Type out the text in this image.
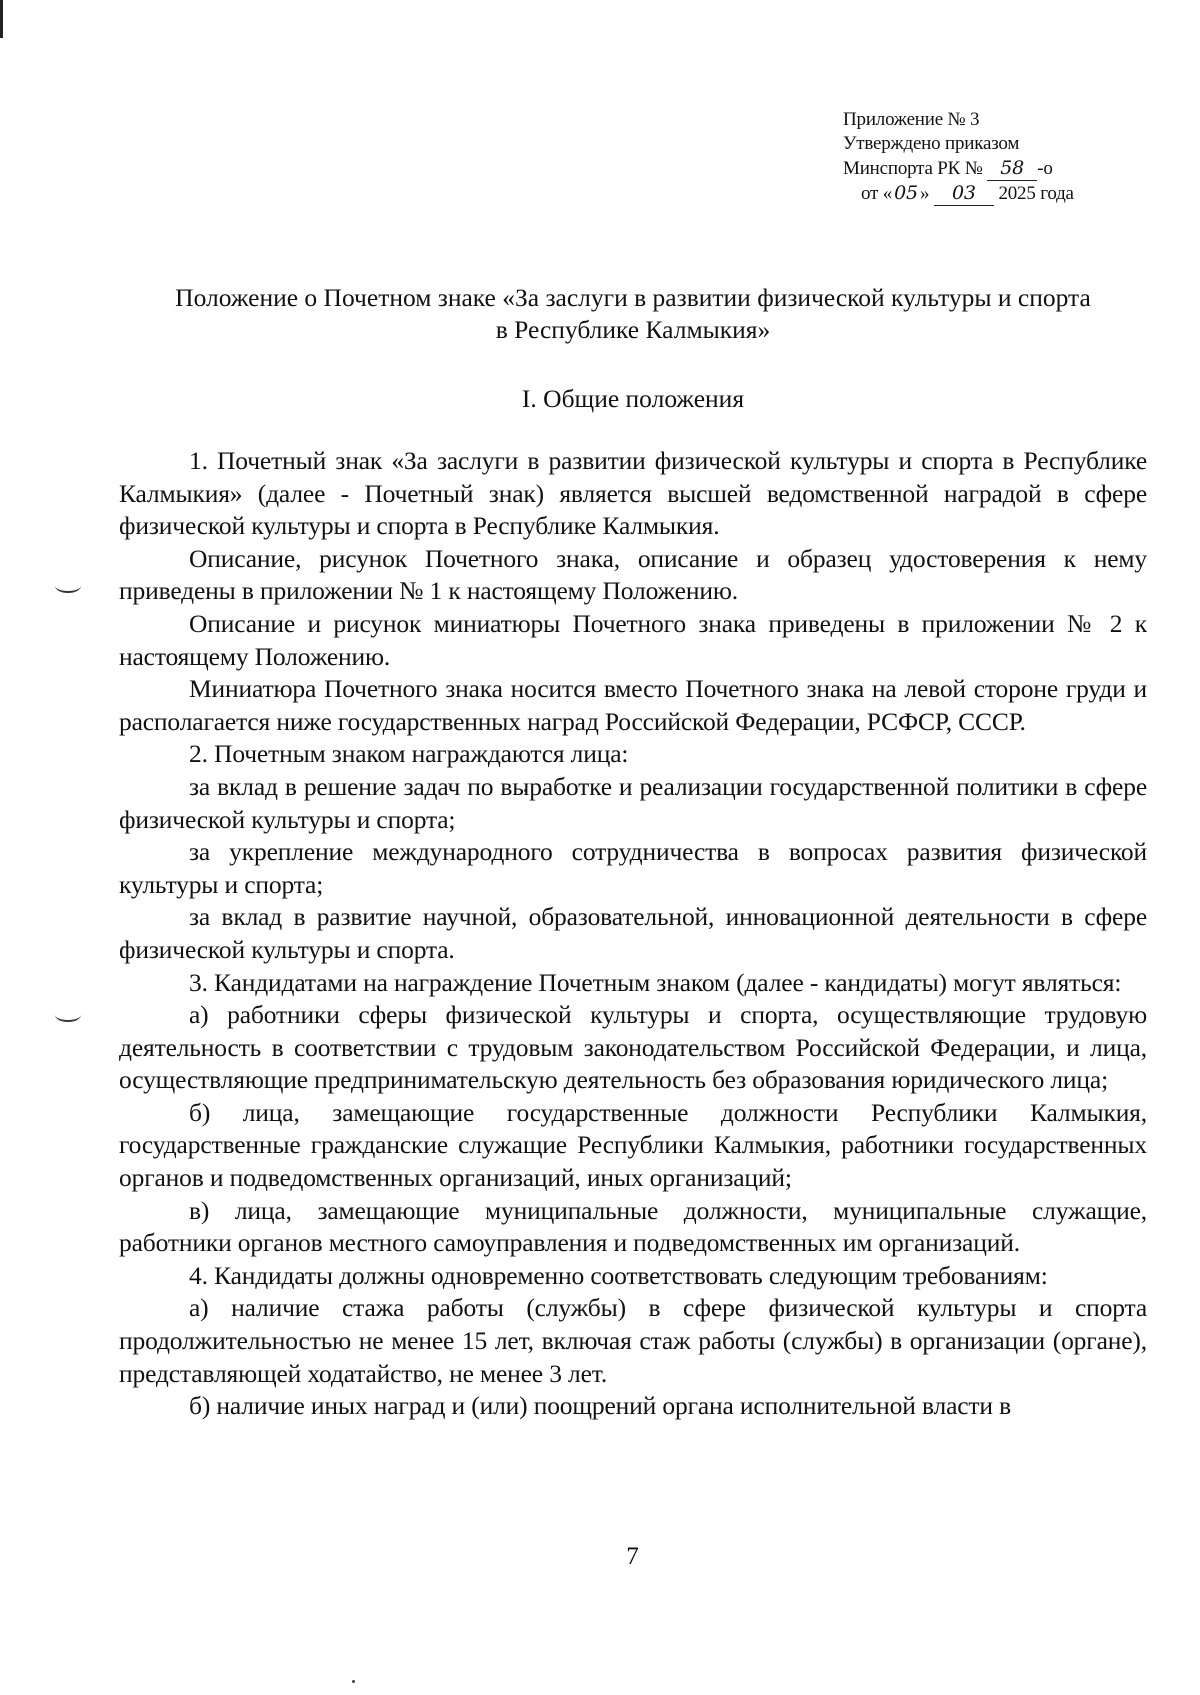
Приложение № 3
Утверждено приказом
Минспорта РК № 58 -о
от « 05 » 03 2025 года
Положение о Почетном знаке «За заслуги в развитии физической культуры и спорта
в Республике Калмыкия»
I. Общие положения

1. Почетный знак «За заслуги в развитии физической культуры и спорта в Республике Калмыкия» (далее - Почетный знак) является высшей ведомственной наградой в сфере физической культуры и спорта в Республике Калмыкия.

Описание, рисунок Почетного знака, описание и образец удостоверения к нему приведены в приложении № 1 к настоящему Положению.

Описание и рисунок миниатюры Почетного знака приведены в приложении № 2 к настоящему Положению.

Миниатюра Почетного знака носится вместо Почетного знака на левой стороне груди и располагается ниже государственных наград Российской Федерации, РСФСР, СССР.

2. Почетным знаком награждаются лица:

за вклад в решение задач по выработке и реализации государственной политики в сфере физической культуры и спорта;

за укрепление международного сотрудничества в вопросах развития физической культуры и спорта;

за вклад в развитие научной, образовательной, инновационной деятельности в сфере физической культуры и спорта.

3. Кандидатами на награждение Почетным знаком (далее - кандидаты) могут являться:

а) работники сферы физической культуры и спорта, осуществляющие трудовую деятельность в соответствии с трудовым законодательством Российской Федерации, и лица, осуществляющие предпринимательскую деятельность без образования юридического лица;

б) лица, замещающие государственные должности Республики Калмыкия, государственные гражданские служащие Республики Калмыкия, работники государственных органов и подведомственных организаций, иных организаций;

в) лица, замещающие муниципальные должности, муниципальные служащие, работники органов местного самоуправления и подведомственных им организаций.

4. Кандидаты должны одновременно соответствовать следующим требованиям:

а) наличие стажа работы (службы) в сфере физической культуры и спорта продолжительностью не менее 15 лет, включая стаж работы (службы) в организации (органе), представляющей ходатайство, не менее 3 лет.

б) наличие иных наград и (или) поощрений органа исполнительной власти в

7
